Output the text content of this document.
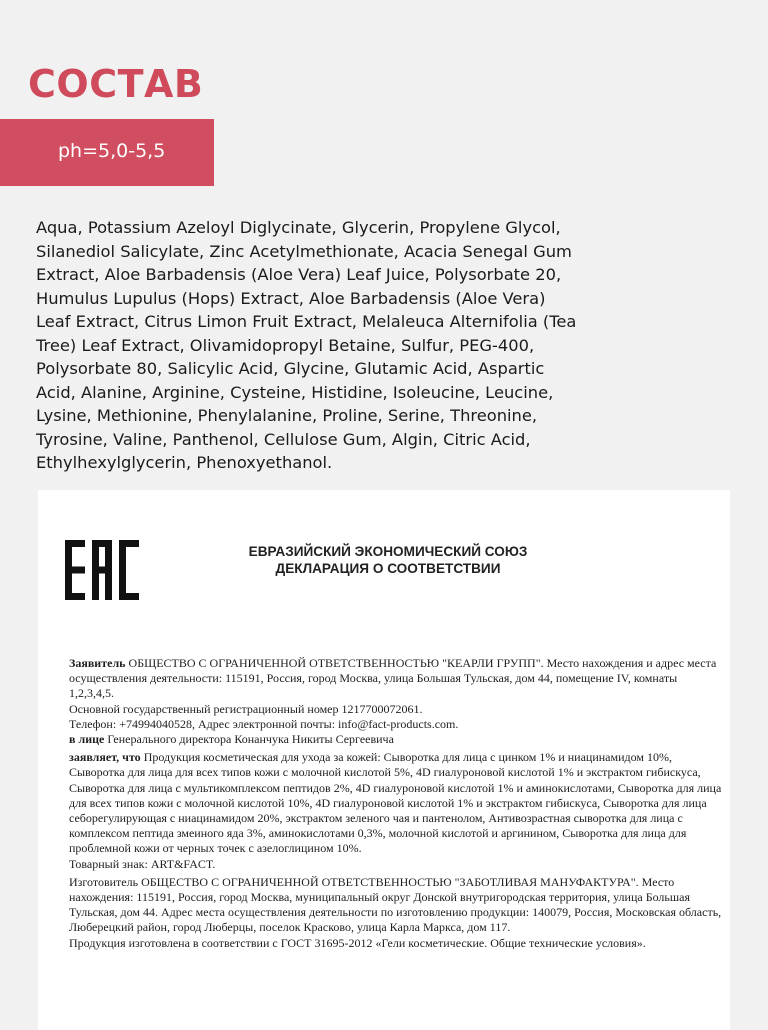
СОСТАВ
ph=5,0-5,5

Aqua, Potassium Azeloyl Diglycinate, Glycerin, Propylene Glycol,
Silanediol Salicylate, Zinc Acetylmethionate, Acacia Senegal Gum
Extract, Aloe Barbadensis (Aloe Vera) Leaf Juice, Polysorbate 20,
Humulus Lupulus (Hops) Extract, Aloe Barbadensis (Aloe Vera)
Leaf Extract, Citrus Limon Fruit Extract, Melaleuca Alternifolia (Tea
Tree) Leaf Extract, Olivamidopropyl Betaine, Sulfur, PEG-400,
Polysorbate 80, Salicylic Acid, Glycine, Glutamic Acid, Aspartic
Acid, Alanine, Arginine, Cysteine, Histidine, Isoleucine, Leucine,
Lysine, Methionine, Phenylalanine, Proline, Serine, Threonine,
Tyrosine, Valine, Panthenol, Cellulose Gum, Algin, Citric Acid,
Ethylhexylglycerin, Phenoxyethanol.

ЕВРАЗИЙСКИЙ ЭКОНОМИЧЕСКИЙ СОЮЗ
ДЕКЛАРАЦИЯ О СООТВЕТСТВИИ

Заявитель ОБЩЕСТВО С ОГРАНИЧЕННОЙ ОТВЕТСТВЕННОСТЬЮ "КЕАРЛИ ГРУПП". Место нахождения и адрес места осуществления деятельности: 115191, Россия, город Москва, улица Большая Тульская, дом 44, помещение IV, комнаты 1,2,3,4,5.

Основной государственный регистрационный номер 1217700072061.

Телефон: +74994040528, Адрес электронной почты: info@fact-products.com.

в лице Генерального директора Конанчука Никиты Сергеевича

заявляет, что Продукция косметическая для ухода за кожей: Сыворотка для лица с цинком 1% и ниацинамидом 10%, Сыворотка для лица для всех типов кожи с молочной кислотой 5%, 4D гиалуроновой кислотой 1% и экстрактом гибискуса, Сыворотка для лица с мультикомплексом пептидов 2%, 4D гиалуроновой кислотой 1% и аминокислотами, Сыворотка для лица для всех типов кожи с молочной кислотой 10%, 4D гиалуроновой кислотой 1% и экстрактом гибискуса, Сыворотка для лица себорегулирующая с ниацинамидом 20%, экстрактом зеленого чая и пантенолом, Антивозрастная сыворотка для лица с комплексом пептида змеиного яда 3%, аминокислотами 0,3%, молочной кислотой и аргинином, Сыворотка для лица для проблемной кожи от черных точек с азелоглицином 10%.

Товарный знак: ART&FACT.

Изготовитель ОБЩЕСТВО С ОГРАНИЧЕННОЙ ОТВЕТСТВЕННОСТЬЮ "ЗАБОТЛИВАЯ МАНУФАКТУРА". Место нахождения: 115191, Россия, город Москва, муниципальный округ Донской внутригородская территория, улица Большая Тульская, дом 44. Адрес места осуществления деятельности по изготовлению продукции: 140079, Россия, Московская область, Люберецкий район, город Люберцы, поселок Красково, улица Карла Маркса, дом 117.

Продукция изготовлена в соответствии с ГОСТ 31695-2012 «Гели косметические. Общие технические условия».
